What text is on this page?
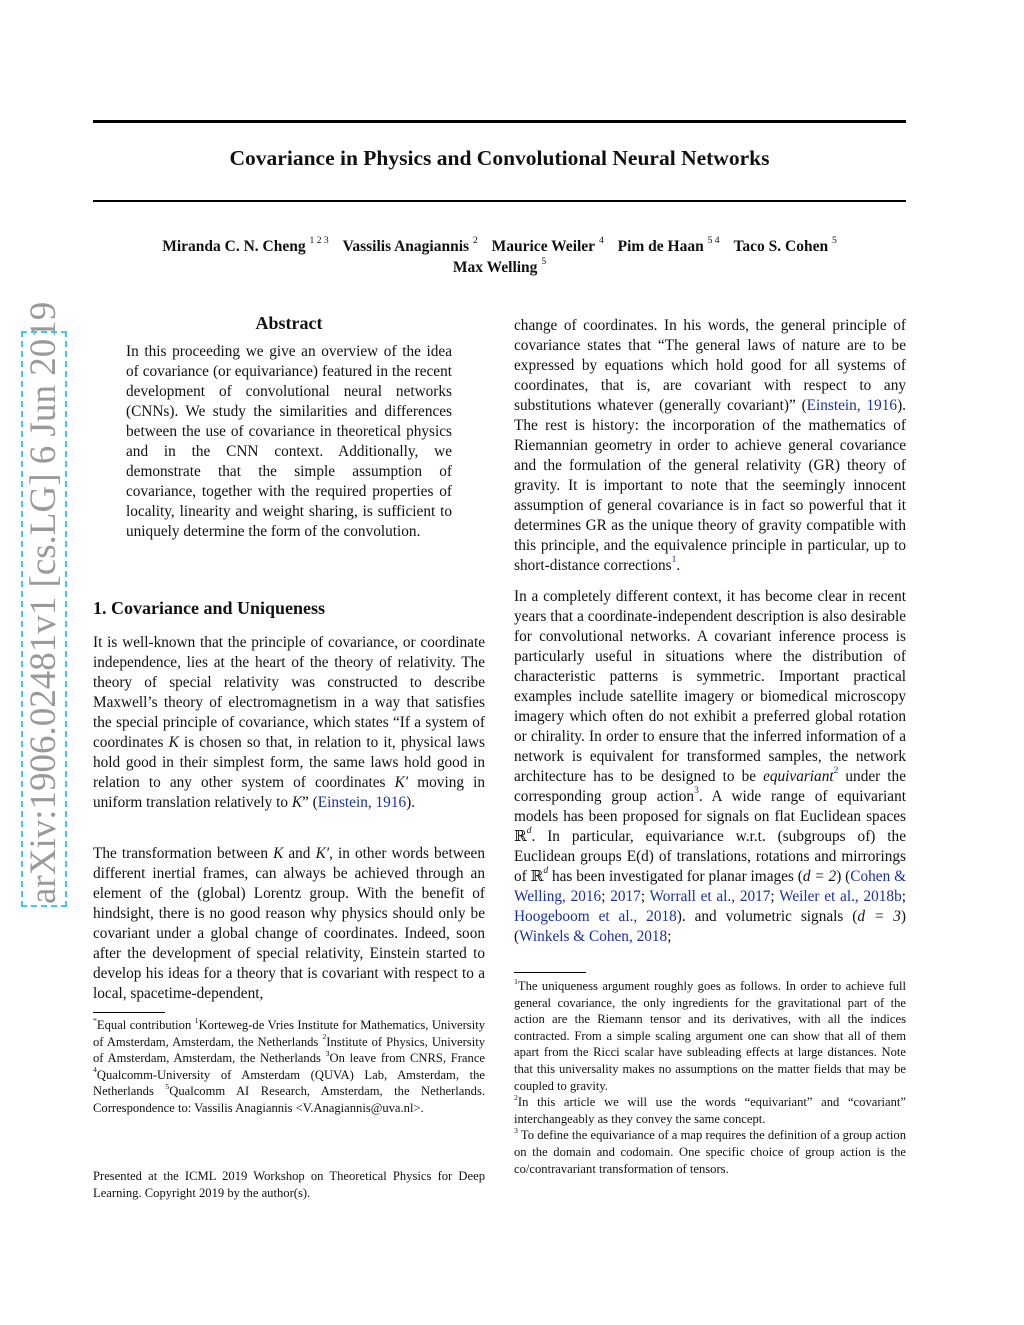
arXiv:1906.02481v1 [cs.LG] 6 Jun 2019
Covariance in Physics and Convolutional Neural Networks
Miranda C. N. Cheng $^{1 2 3}$ Vassilis Anagiannis $^2$ Maurice Weiler $^4$ Pim de Haan $^{5 4}$ Taco S. Cohen $^5$
Max Welling $^5$
Abstract

In this proceeding we give an overview of the idea of covariance (or equivariance) featured in the recent development of convolutional neural networks (CNNs). We study the similarities and differences between the use of covariance in theoretical physics and in the CNN context. Additionally, we demonstrate that the simple assumption of covariance, together with the required properties of locality, linearity and weight sharing, is sufficient to uniquely determine the form of the convolution.

1. Covariance and Uniqueness

It is well-known that the principle of covariance, or coordinate independence, lies at the heart of the theory of relativity. The theory of special relativity was constructed to describe Maxwell’s theory of electromagnetism in a way that satisfies the special principle of covariance, which states “If a system of coordinates K is chosen so that, in relation to it, physical laws hold good in their simplest form, the same laws hold good in relation to any other system of coordinates K′ moving in uniform translation relatively to K” (Einstein, 1916).

The transformation between K and K′, in other words between different inertial frames, can always be achieved through an element of the (global) Lorentz group. With the benefit of hindsight, there is no good reason why physics should only be covariant under a global change of coordinates. Indeed, soon after the development of special relativity, Einstein started to develop his ideas for a theory that is covariant with respect to a local, spacetime-dependent,

*Equal contribution $^1$Korteweg-de Vries Institute for Mathematics, University of Amsterdam, Amsterdam, the Netherlands $^2$Institute of Physics, University of Amsterdam, Amsterdam, the Netherlands $^3$On leave from CNRS, France $^4$Qualcomm-University of Amsterdam (QUVA) Lab, Amsterdam, the Netherlands $^5$Qualcomm AI Research, Amsterdam, the Netherlands. Correspondence to: Vassilis Anagiannis <V.Anagiannis@uva.nl>.

Presented at the ICML 2019 Workshop on Theoretical Physics for Deep Learning. Copyright 2019 by the author(s).

change of coordinates. In his words, the general principle of covariance states that “The general laws of nature are to be expressed by equations which hold good for all systems of coordinates, that is, are covariant with respect to any substitutions whatever (generally covariant)” (Einstein, 1916). The rest is history: the incorporation of the mathematics of Riemannian geometry in order to achieve general covariance and the formulation of the general relativity (GR) theory of gravity. It is important to note that the seemingly innocent assumption of general covariance is in fact so powerful that it determines GR as the unique theory of gravity compatible with this principle, and the equivalence principle in particular, up to short-distance corrections$^1$.

In a completely different context, it has become clear in recent years that a coordinate-independent description is also desirable for convolutional networks. A covariant inference process is particularly useful in situations where the distribution of characteristic patterns is symmetric. Important practical examples include satellite imagery or biomedical microscopy imagery which often do not exhibit a preferred global rotation or chirality. In order to ensure that the inferred information of a network is equivalent for transformed samples, the network architecture has to be designed to be equivariant$^2$ under the corresponding group action$^3$. A wide range of equivariant models has been proposed for signals on flat Euclidean spaces ℝ$^d$. In particular, equivariance w.r.t. (subgroups of) the Euclidean groups E(d) of translations, rotations and mirrorings of ℝ$^d$ has been investigated for planar images (d = 2) (Cohen & Welling, 2016; 2017; Worrall et al., 2017; Weiler et al., 2018b; Hoogeboom et al., 2018). and volumetric signals (d = 3) (Winkels & Cohen, 2018;

$^1$The uniqueness argument roughly goes as follows. In order to achieve full general covariance, the only ingredients for the gravitational part of the action are the Riemann tensor and its derivatives, with all the indices contracted. From a simple scaling argument one can show that all of them apart from the Ricci scalar have subleading effects at large distances. Note that this universality makes no assumptions on the matter fields that may be coupled to gravity.

$^2$In this article we will use the words “equivariant” and “covariant” interchangeably as they convey the same concept.

$^3$ To define the equivariance of a map requires the definition of a group action on the domain and codomain. One specific choice of group action is the co/contravariant transformation of tensors.
